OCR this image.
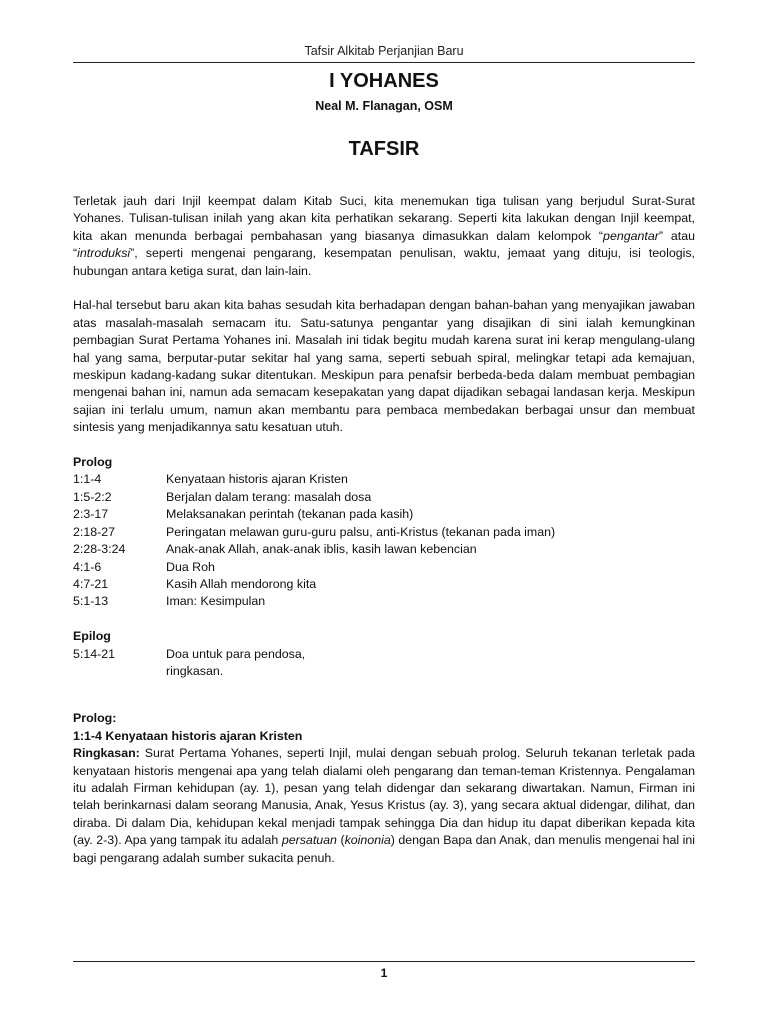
Tafsir Alkitab Perjanjian Baru
I YOHANES
Neal M. Flanagan, OSM
TAFSIR

Terletak jauh dari Injil keempat dalam Kitab Suci, kita menemukan tiga tulisan yang berjudul Surat-Surat Yohanes. Tulisan-tulisan inilah yang akan kita perhatikan sekarang. Seperti kita lakukan dengan Injil keempat, kita akan menunda berbagai pembahasan yang biasanya dimasukkan dalam kelompok “pengantar” atau “introduksi”, seperti mengenai pengarang, kesempatan penulisan, waktu, jemaat yang dituju, isi teologis, hubungan antara ketiga surat, dan lain-lain.

Hal-hal tersebut baru akan kita bahas sesudah kita berhadapan dengan bahan-bahan yang menyajikan jawaban atas masalah-masalah semacam itu. Satu-satunya pengantar yang disajikan di sini ialah kemungkinan pembagian Surat Pertama Yohanes ini. Masalah ini tidak begitu mudah karena surat ini kerap mengulang-ulang hal yang sama, berputar-putar sekitar hal yang sama, seperti sebuah spiral, melingkar tetapi ada kemajuan, meskipun kadang-kadang sukar ditentukan. Meskipun para penafsir berbeda-beda dalam membuat pembagian mengenai bahan ini, namun ada semacam kesepakatan yang dapat dijadikan sebagai landasan kerja. Meskipun sajian ini terlalu umum, namun akan membantu para pembaca membedakan berbagai unsur dan membuat sintesis yang menjadikannya satu kesatuan utuh.

Prolog
1:1-4	Kenyataan historis ajaran Kristen
1:5-2:2	Berjalan dalam terang: masalah dosa
2:3-17	Melaksanakan perintah (tekanan pada kasih)
2:18-27	Peringatan melawan guru-guru palsu, anti-Kristus (tekanan pada iman)
2:28-3:24	Anak-anak Allah, anak-anak iblis, kasih lawan kebencian
4:1-6	Dua Roh
4:7-21	Kasih Allah mendorong kita
5:1-13	Iman: Kesimpulan
Epilog
5:14-21	Doa untuk para pendosa,
ringkasan.
Prolog:
1:1-4 Kenyataan historis ajaran Kristen

Ringkasan: Surat Pertama Yohanes, seperti Injil, mulai dengan sebuah prolog. Seluruh tekanan terletak pada kenyataan historis mengenai apa yang telah dialami oleh pengarang dan teman-teman Kristennya. Pengalaman itu adalah Firman kehidupan (ay. 1), pesan yang telah didengar dan sekarang diwartakan. Namun, Firman ini telah berinkarnasi dalam seorang Manusia, Anak, Yesus Kristus (ay. 3), yang secara aktual didengar, dilihat, dan diraba. Di dalam Dia, kehidupan kekal menjadi tampak sehingga Dia dan hidup itu dapat diberikan kepada kita (ay. 2-3). Apa yang tampak itu adalah persatuan (koinonia) dengan Bapa dan Anak, dan menulis mengenai hal ini bagi pengarang adalah sumber sukacita penuh.

1
